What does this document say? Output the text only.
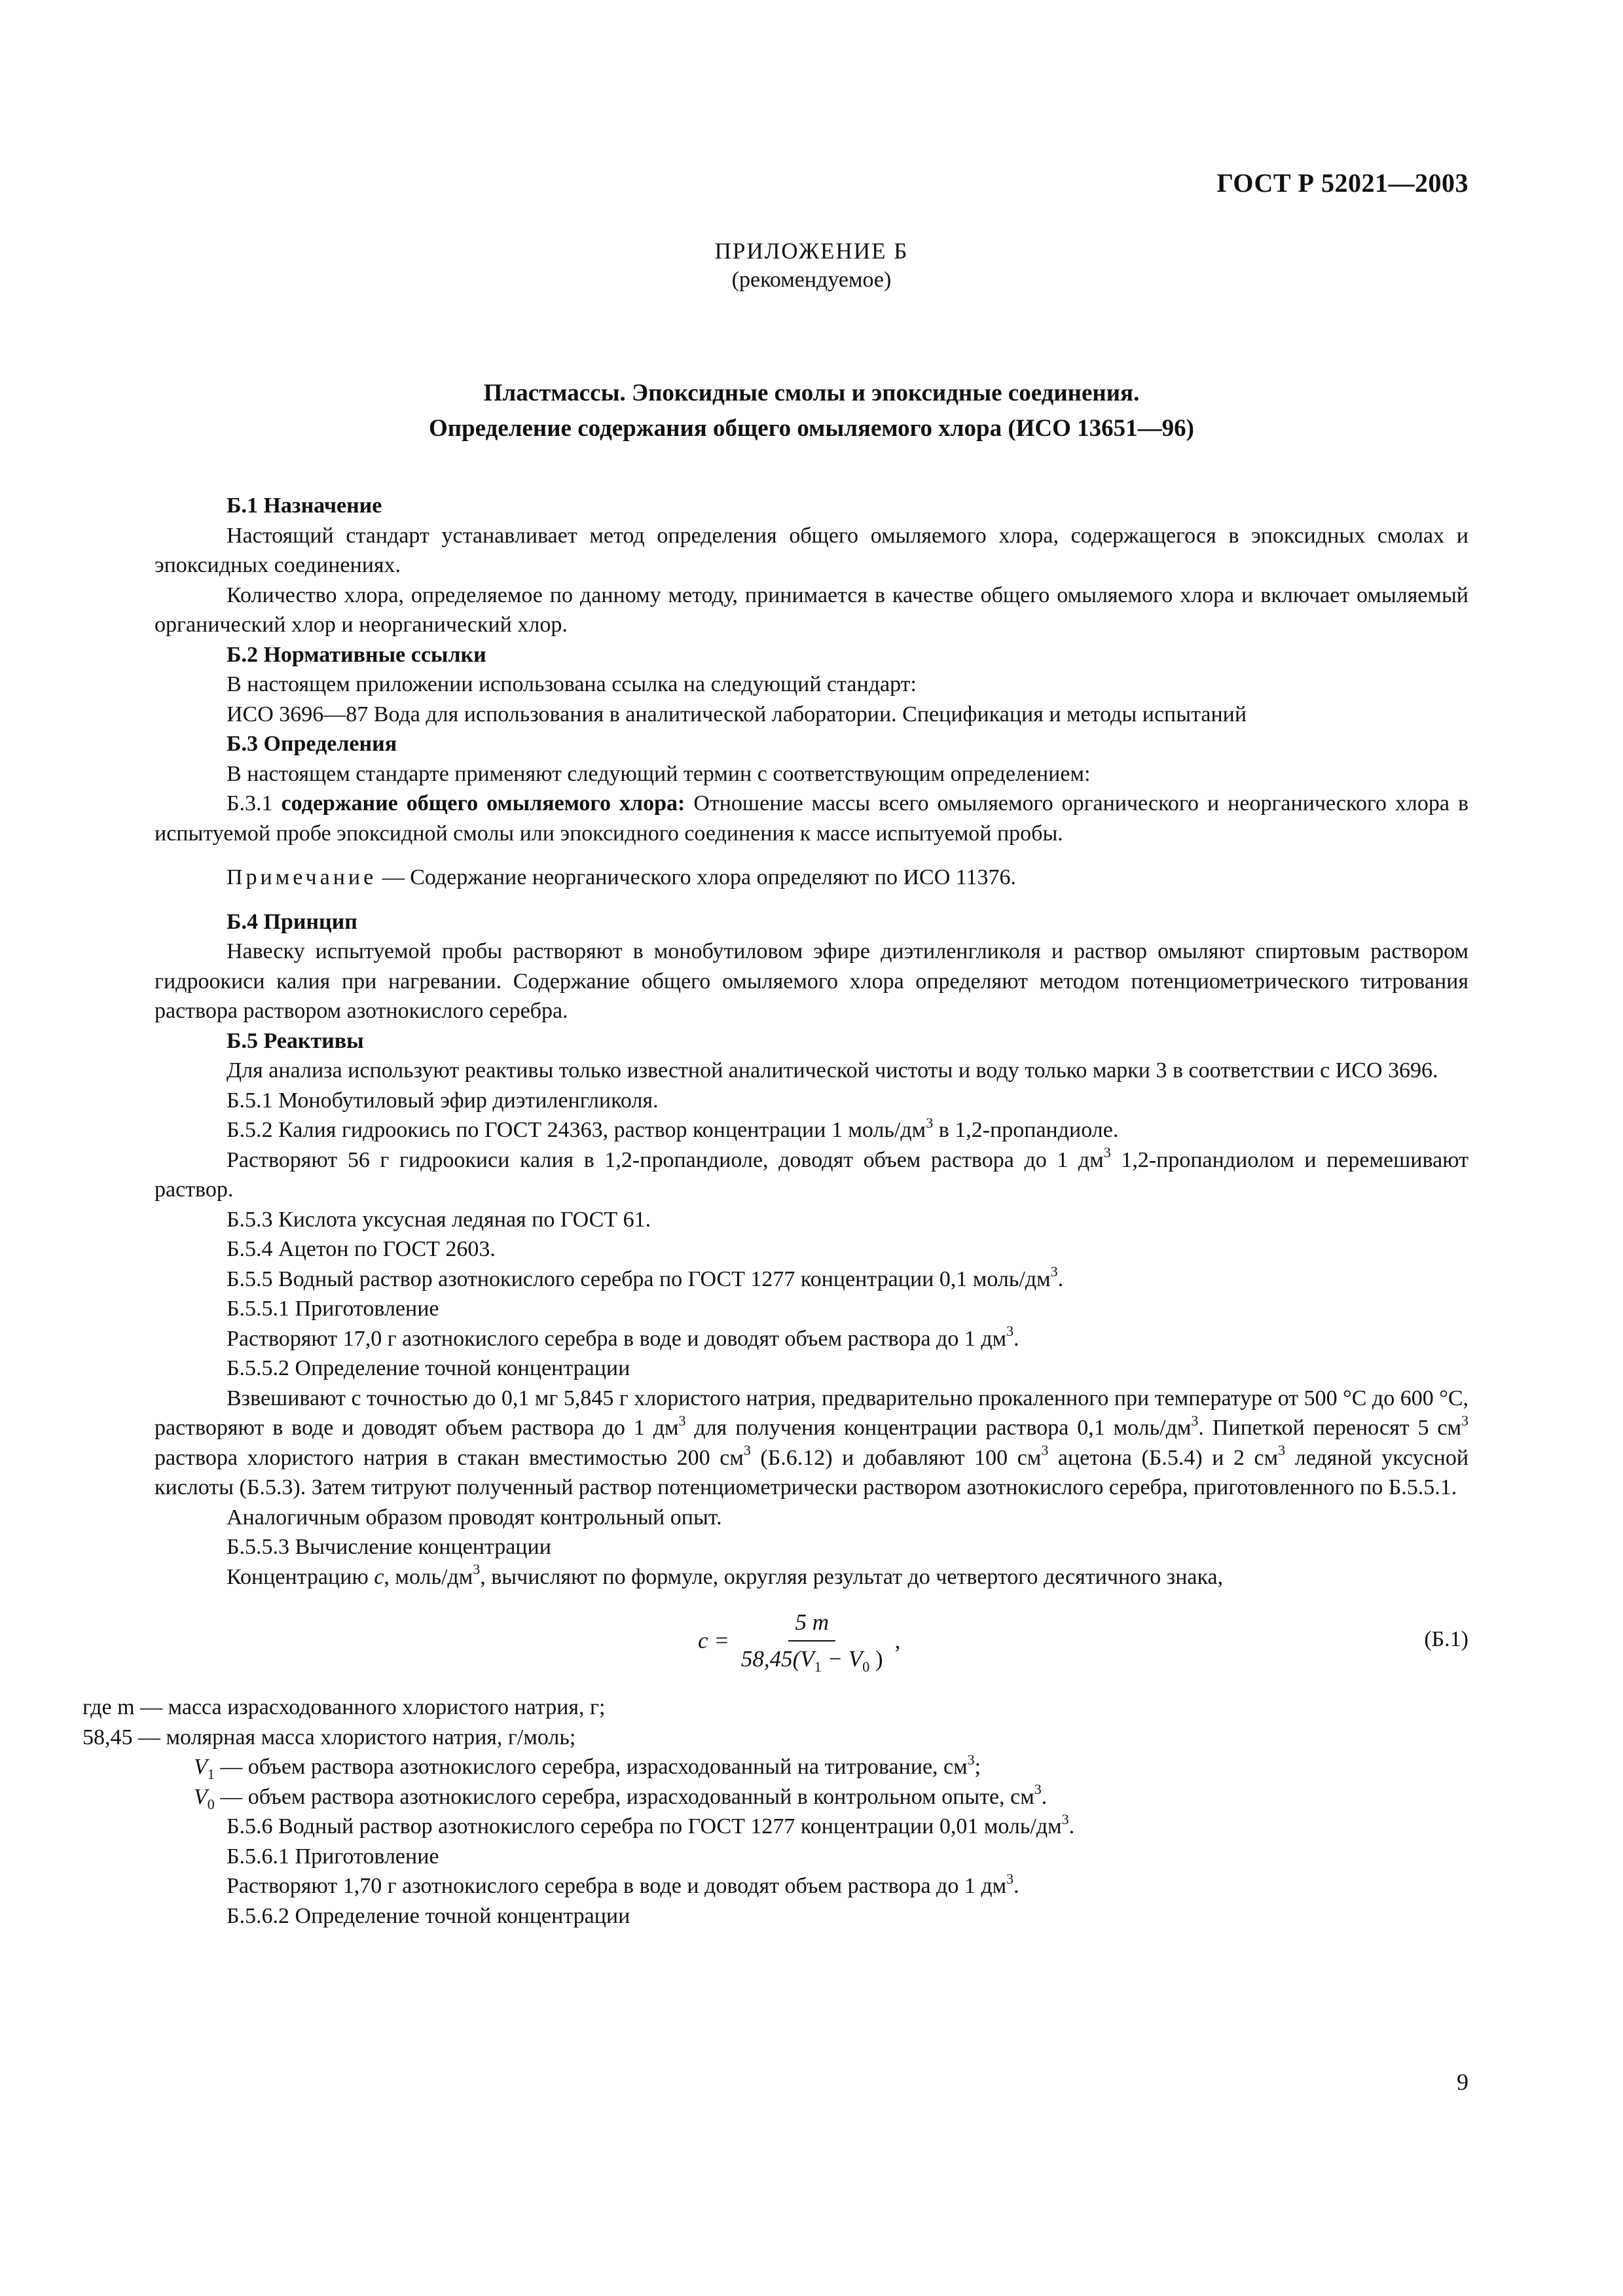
ГОСТ Р 52021—2003
ПРИЛОЖЕНИЕ Б
(рекомендуемое)
Пластмассы. Эпоксидные смолы и эпоксидные соединения.
Определение содержания общего омыляемого хлора (ИСО 13651—96)

Б.1 Назначение

Настоящий стандарт устанавливает метод определения общего омыляемого хлора, содержащегося в эпоксидных смолах и эпоксидных соединениях.

Количество хлора, определяемое по данному методу, принимается в качестве общего омыляемого хлора и включает омыляемый органический хлор и неорганический хлор.

Б.2 Нормативные ссылки

В настоящем приложении использована ссылка на следующий стандарт:

ИСО 3696—87 Вода для использования в аналитической лаборатории. Спецификация и методы испытаний

Б.3 Определения

В настоящем стандарте применяют следующий термин с соответствующим определением:

Б.3.1 содержание общего омыляемого хлора: Отношение массы всего омыляемого органического и неорганического хлора в испытуемой пробе эпоксидной смолы или эпоксидного соединения к массе испытуемой пробы.

Примечание — Содержание неорганического хлора определяют по ИСО 11376.

Б.4 Принцип

Навеску испытуемой пробы растворяют в монобутиловом эфире диэтиленгликоля и раствор омыляют спиртовым раствором гидроокиси калия при нагревании. Содержание общего омыляемого хлора определяют методом потенциометрического титрования раствора раствором азотнокислого серебра.

Б.5 Реактивы

Для анализа используют реактивы только известной аналитической чистоты и воду только марки 3 в соответствии с ИСО 3696.

Б.5.1 Монобутиловый эфир диэтиленгликоля.

Б.5.2 Калия гидроокись по ГОСТ 24363, раствор концентрации 1 моль/$дм^3$ в 1,2-пропандиоле.

Растворяют 56 г гидроокиси калия в 1,2-пропандиоле, доводят объем раствора до 1 $дм^3$ 1,2-пропандиолом и перемешивают раствор.

Б.5.3 Кислота уксусная ледяная по ГОСТ 61.

Б.5.4 Ацетон по ГОСТ 2603.

Б.5.5 Водный раствор азотнокислого серебра по ГОСТ 1277 концентрации 0,1 моль/$дм^3$.

Б.5.5.1 Приготовление

Растворяют 17,0 г азотнокислого серебра в воде и доводят объем раствора до 1 $дм^3$.

Б.5.5.2 Определение точной концентрации

Взвешивают с точностью до 0,1 мг 5,845 г хлористого натрия, предварительно прокаленного при температуре от 500 °С до 600 °С, растворяют в воде и доводят объем раствора до 1 $дм^3$ для получения концентрации раствора 0,1 моль/$дм^3$. Пипеткой переносят 5 $см^3$ раствора хлористого натрия в стакан вместимостью 200 $см^3$ (Б.6.12) и добавляют 100 $см^3$ ацетона (Б.5.4) и 2 $см^3$ ледяной уксусной кислоты (Б.5.3). Затем титруют полученный раствор потенциометрически раствором азотнокислого серебра, приготовленного по Б.5.5.1.

Аналогичным образом проводят контрольный опыт.

Б.5.5.3 Вычисление концентрации

Концентрацию c, моль/$дм^3$, вычисляют по формуле, округляя результат до четвертого десятичного знака,

$c = \frac{5 m}{58,45(V_1 - V_0 )}$ ,	(Б.1)

где m — масса израсходованного хлористого натрия, г;

58,45 — молярная масса хлористого натрия, г/моль;

$V_1$ — объем раствора азотнокислого серебра, израсходованный на титрование, $см^3$;

$V_0$ — объем раствора азотнокислого серебра, израсходованный в контрольном опыте, $см^3$.

Б.5.6 Водный раствор азотнокислого серебра по ГОСТ 1277 концентрации 0,01 моль/$дм^3$.

Б.5.6.1 Приготовление

Растворяют 1,70 г азотнокислого серебра в воде и доводят объем раствора до 1 $дм^3$.

Б.5.6.2 Определение точной концентрации

9
